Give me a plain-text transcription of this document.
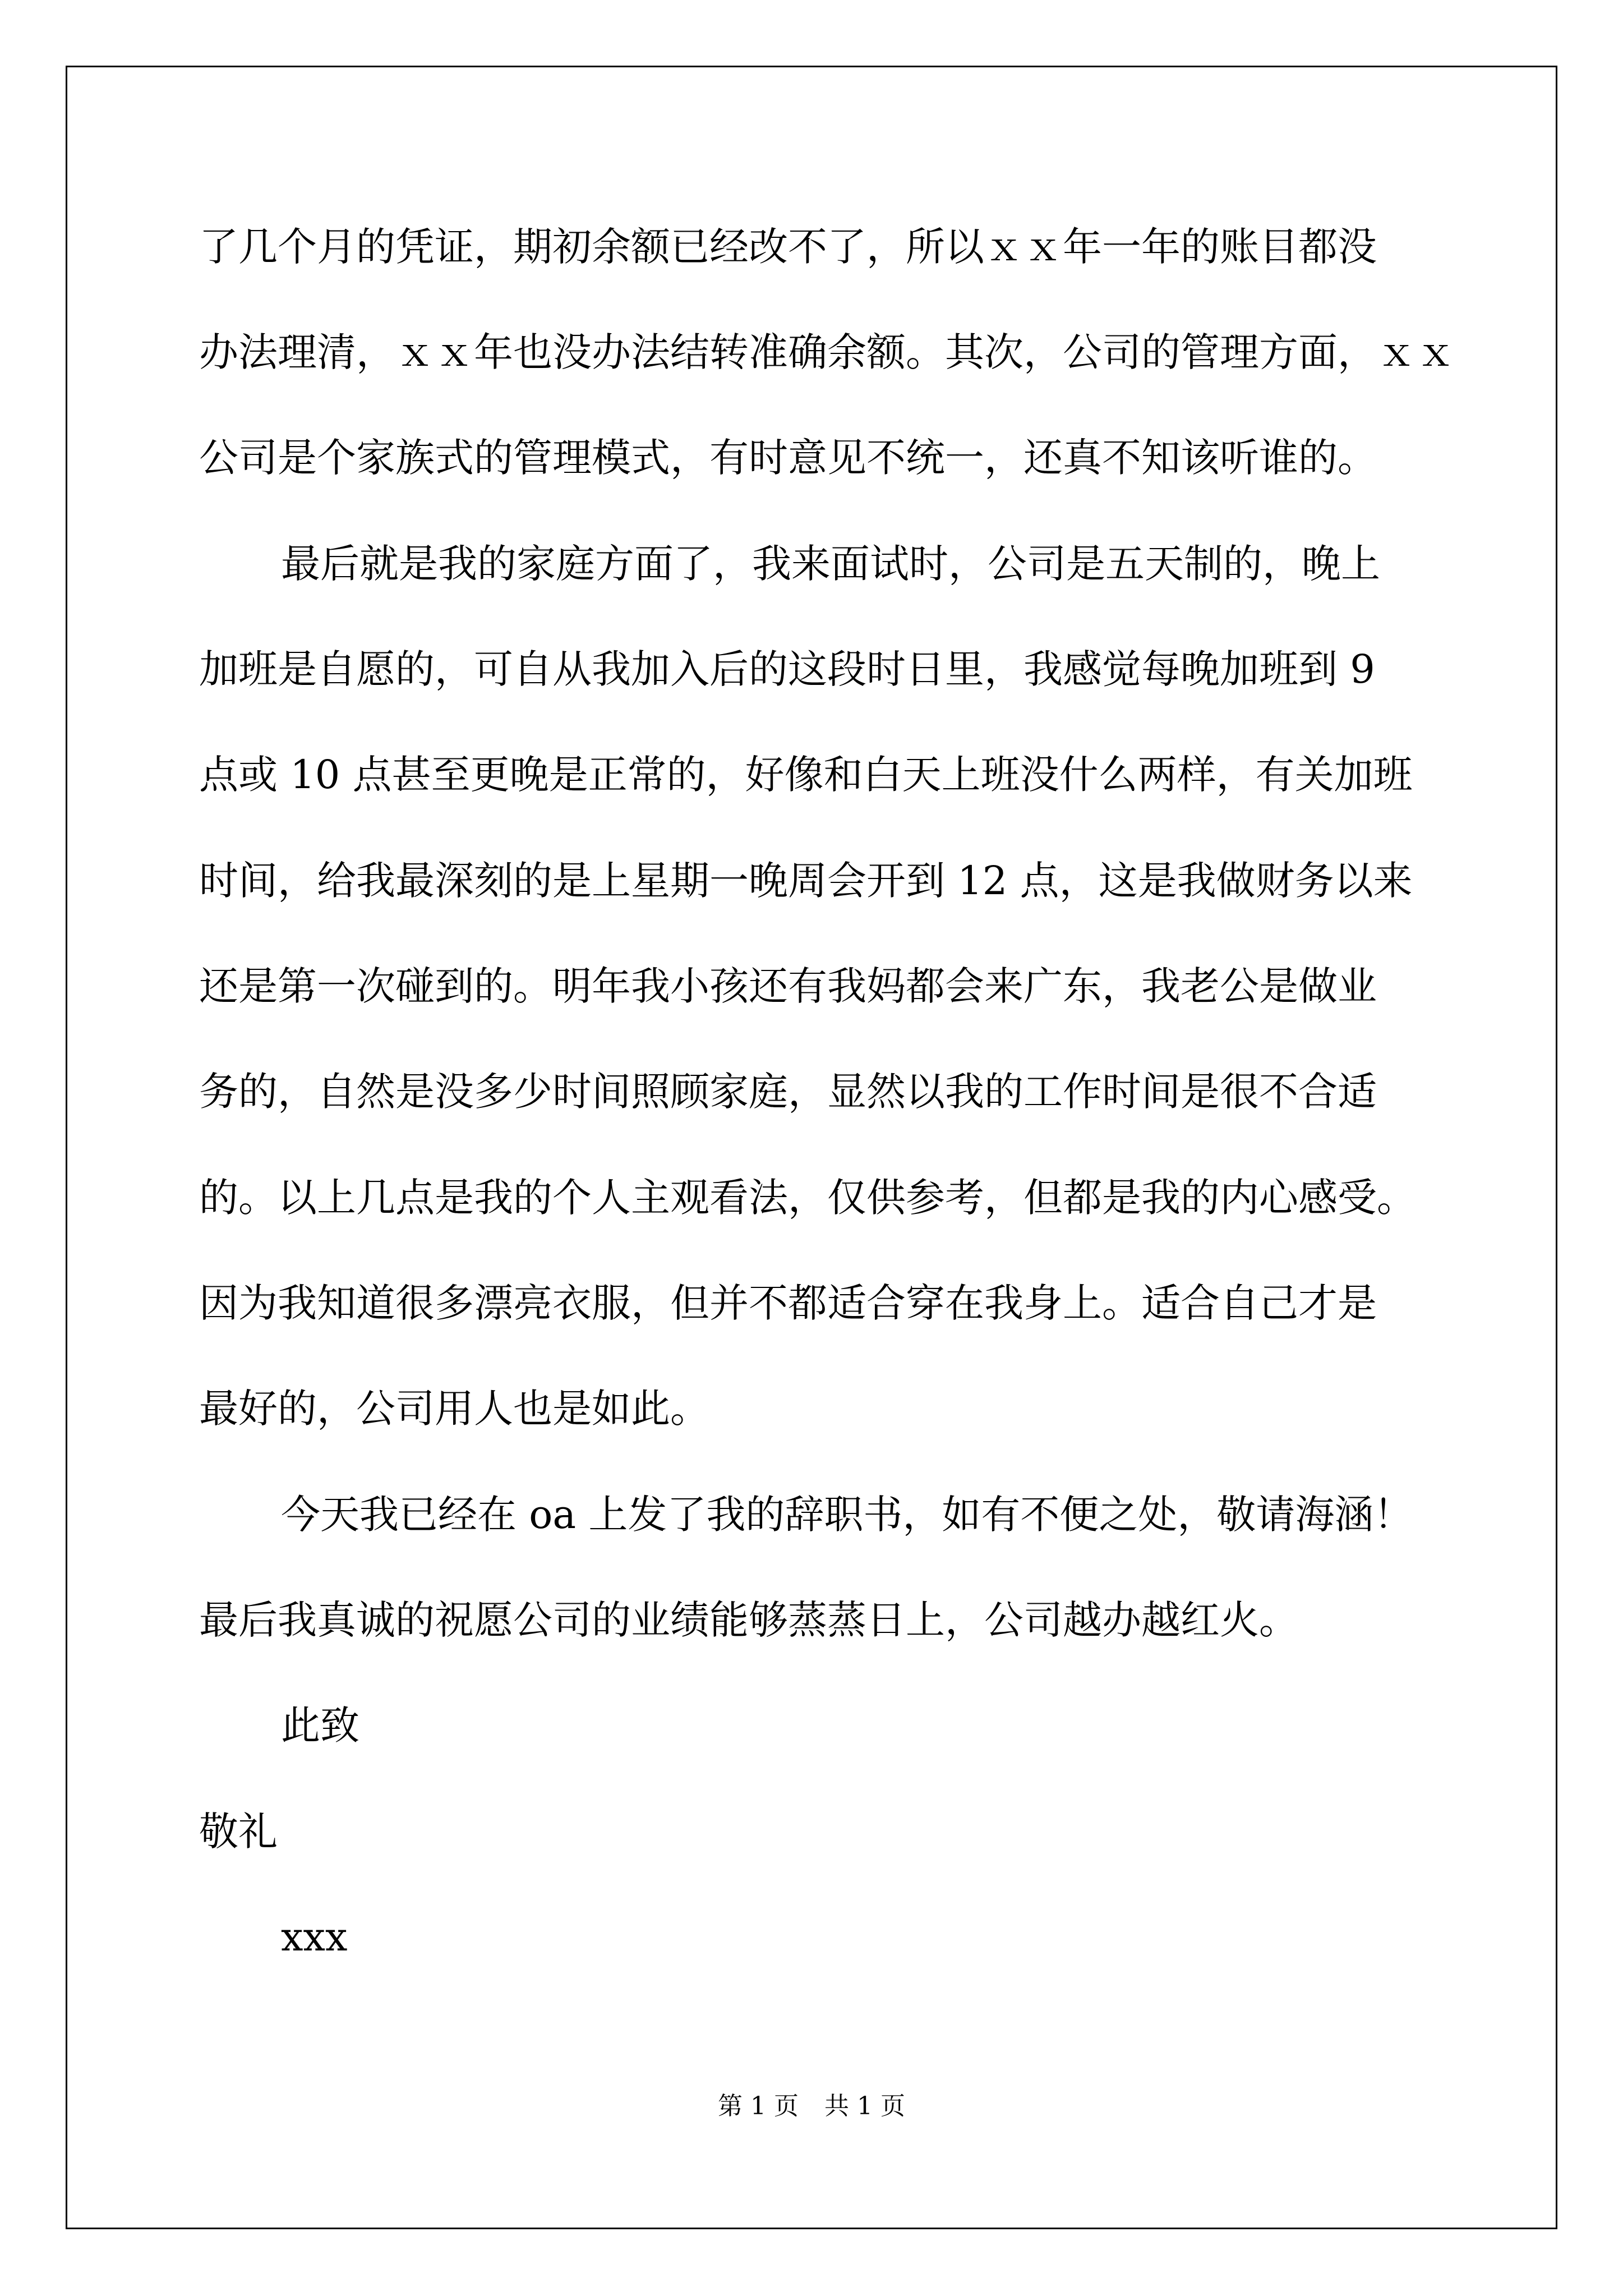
了几个月的凭证，期初余额已经改不了，所以ｘｘ年一年的账目都没
办法理清，ｘｘ年也没办法结转准确余额。其次，公司的管理方面，ｘｘ
公司是个家族式的管理模式，有时意见不统一，还真不知该听谁的。
最后就是我的家庭方面了，我来面试时，公司是五天制的，晚上
加班是自愿的，可自从我加入后的这段时日里，我感觉每晚加班到 9
点或 10 点甚至更晚是正常的，好像和白天上班没什么两样，有关加班
时间，给我最深刻的是上星期一晚周会开到 12 点，这是我做财务以来
还是第一次碰到的。明年我小孩还有我妈都会来广东，我老公是做业
务的，自然是没多少时间照顾家庭，显然以我的工作时间是很不合适
的。以上几点是我的个人主观看法，仅供参考，但都是我的内心感受。
因为我知道很多漂亮衣服，但并不都适合穿在我身上。适合自己才是
最好的，公司用人也是如此。
今天我已经在 oa 上发了我的辞职书，如有不便之处，敬请海涵！
最后我真诚的祝愿公司的业绩能够蒸蒸日上，公司越办越红火。
此致
敬礼
xxx
第 1 页 共 1 页
